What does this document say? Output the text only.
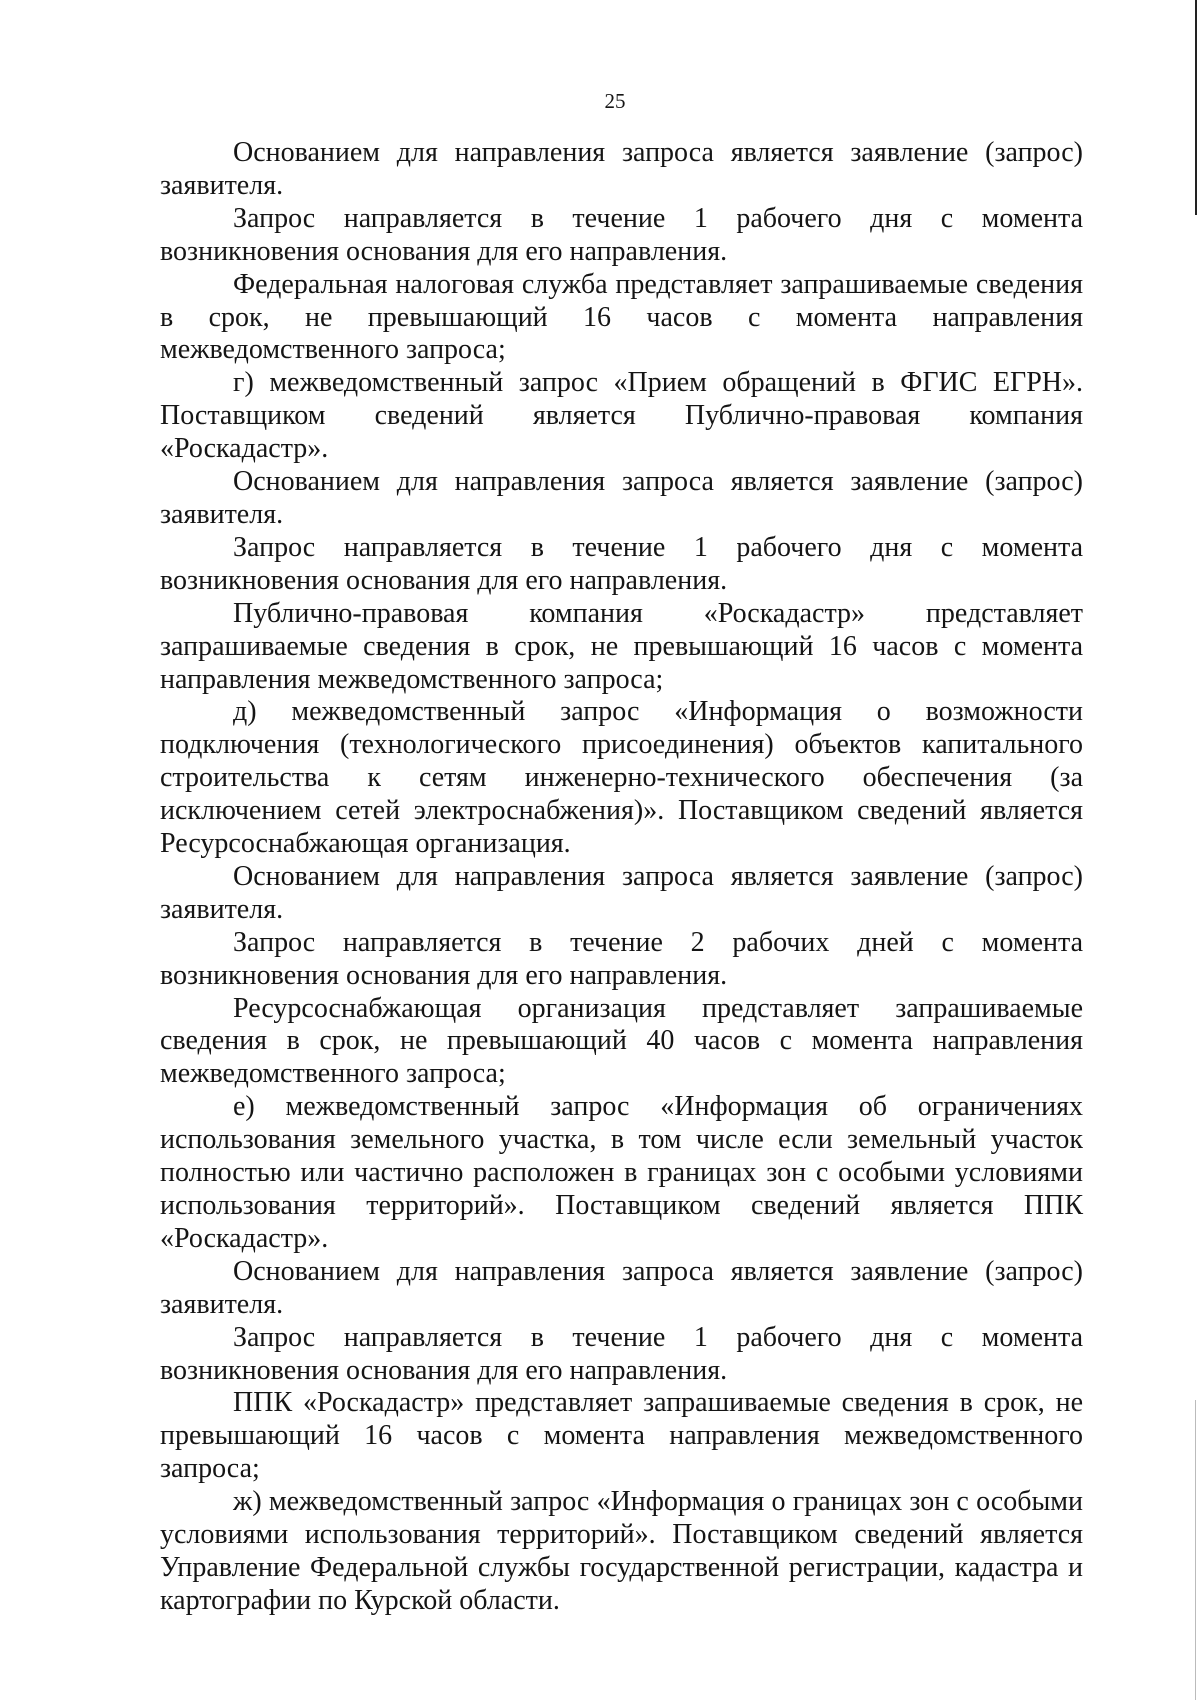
25

Основанием для направления запроса является заявление (запрос) заявителя.

Запрос направляется в течение 1 рабочего дня с момента возникновения основания для его направления.

Федеральная налоговая служба представляет запрашиваемые сведения в срок, не превышающий 16 часов с момента направления межведомственного запроса;

г) межведомственный запрос «Прием обращений в ФГИС ЕГРН». Поставщиком сведений является Публично-правовая компания «Роскадастр».

Основанием для направления запроса является заявление (запрос) заявителя.

Запрос направляется в течение 1 рабочего дня с момента возникновения основания для его направления.

Публично-правовая компания «Роскадастр» представляет запрашиваемые сведения в срок, не превышающий 16 часов с момента направления межведомственного запроса;

д) межведомственный запрос «Информация о возможности подключения (технологического присоединения) объектов капитального строительства к сетям инженерно-технического обеспечения (за исключением сетей электроснабжения)». Поставщиком сведений является Ресурсоснабжающая организация.

Основанием для направления запроса является заявление (запрос) заявителя.

Запрос направляется в течение 2 рабочих дней с момента возникновения основания для его направления.

Ресурсоснабжающая организация представляет запрашиваемые сведения в срок, не превышающий 40 часов с момента направления межведомственного запроса;

е) межведомственный запрос «Информация об ограничениях использования земельного участка, в том числе если земельный участок полностью или частично расположен в границах зон с особыми условиями использования территорий». Поставщиком сведений является ППК «Роскадастр».

Основанием для направления запроса является заявление (запрос) заявителя.

Запрос направляется в течение 1 рабочего дня с момента возникновения основания для его направления.

ППК «Роскадастр» представляет запрашиваемые сведения в срок, не превышающий 16 часов с момента направления межведомственного запроса;

ж) межведомственный запрос «Информация о границах зон с особыми условиями использования территорий». Поставщиком сведений является Управление Федеральной службы государственной регистрации, кадастра и картографии по Курской области.
